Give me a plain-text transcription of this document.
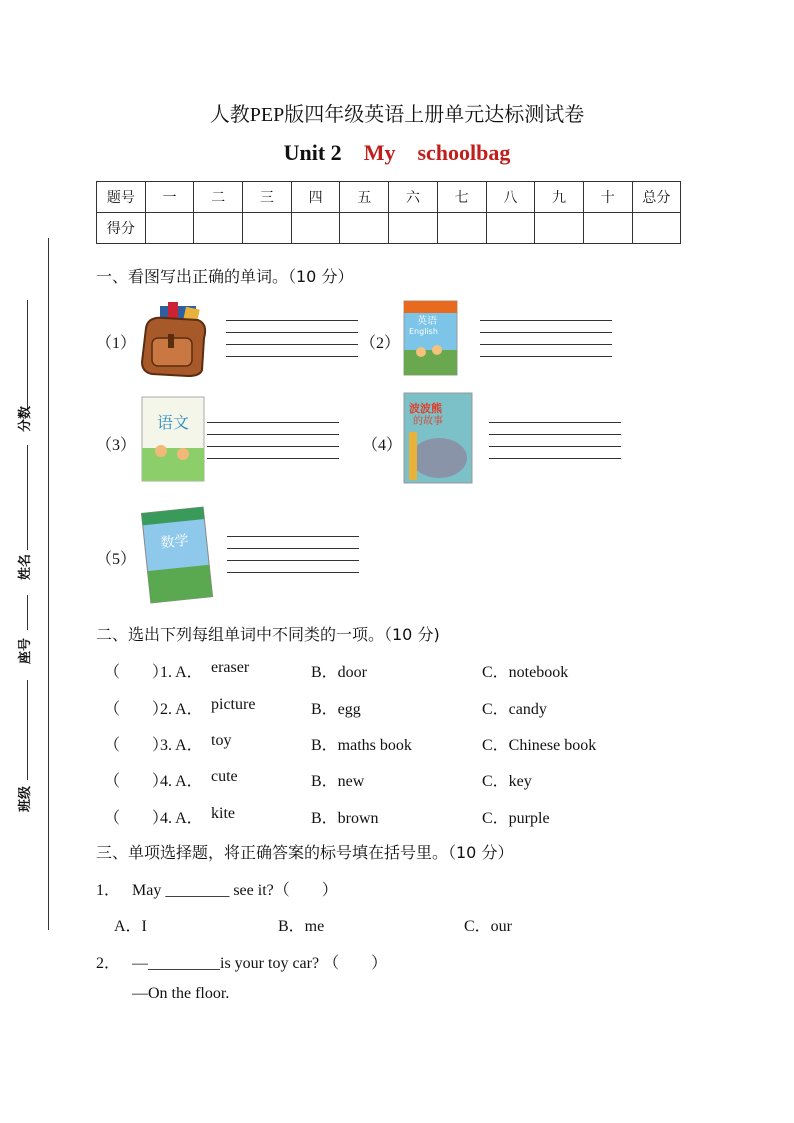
人教PEP版四年级英语上册单元达标测试卷
Unit 2 My schoolbag
题号	一	二	三	四	五	六	七	八	九	十	总分
得分											
分数
姓名
座号
班级
一、看图写出正确的单词。（10 分）
（1）	（2）
英语
English
（3）
语文
（4）
波波熊
的故事
（5）
数学
二、选出下列每组单词中不同类的一项。（10 分)
（　　）
1. A． eraser	B．door	C．notebook
（　　）
2. A． picture	B．egg	C．candy
（　　）
3. A． toy	B．maths book	C．Chinese book
（　　）
4. A． cute	B．new	C．key
（　　）
4. A． kite	B．brown	C．purple
三、单项选择题，将正确答案的标号填在括号里。（10 分）
1． May ________ see it?（　　）
A．I	B．me	C．our
2． —_________is your toy car? （　　）
—On the floor.
